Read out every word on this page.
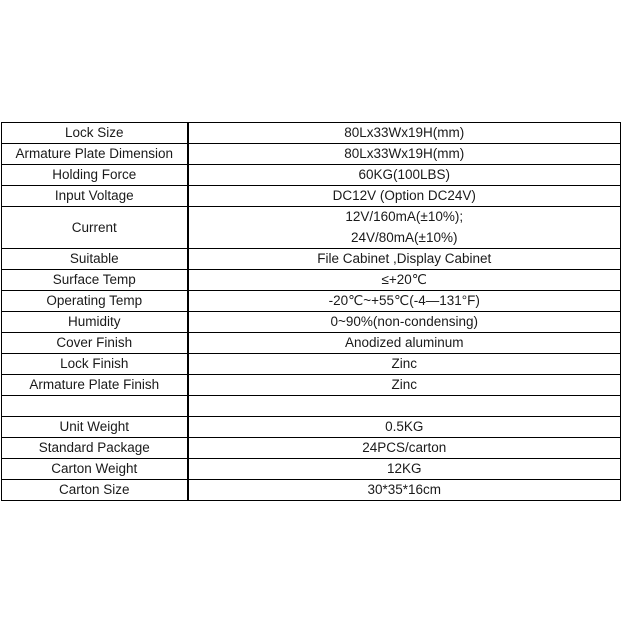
Lock Size	80Lx33Wx19H(mm)
Armature Plate Dimension	80Lx33Wx19H(mm)
Holding Force	60KG(100LBS)
Input Voltage	DC12V (Option DC24V)
Current	12V/160mA(±10%);
24V/80mA(±10%)

Suitable	File Cabinet ,Display Cabinet
Surface Temp	≤+20℃
Operating Temp	-20℃~+55℃(-4—131°F)
Humidity	0~90%(non-condensing)
Cover Finish	Anodized aluminum
Lock Finish	Zinc
Armature Plate Finish	Zinc

Unit Weight	0.5KG
Standard Package	24PCS/carton
Carton Weight	12KG
Carton Size	30*35*16cm
